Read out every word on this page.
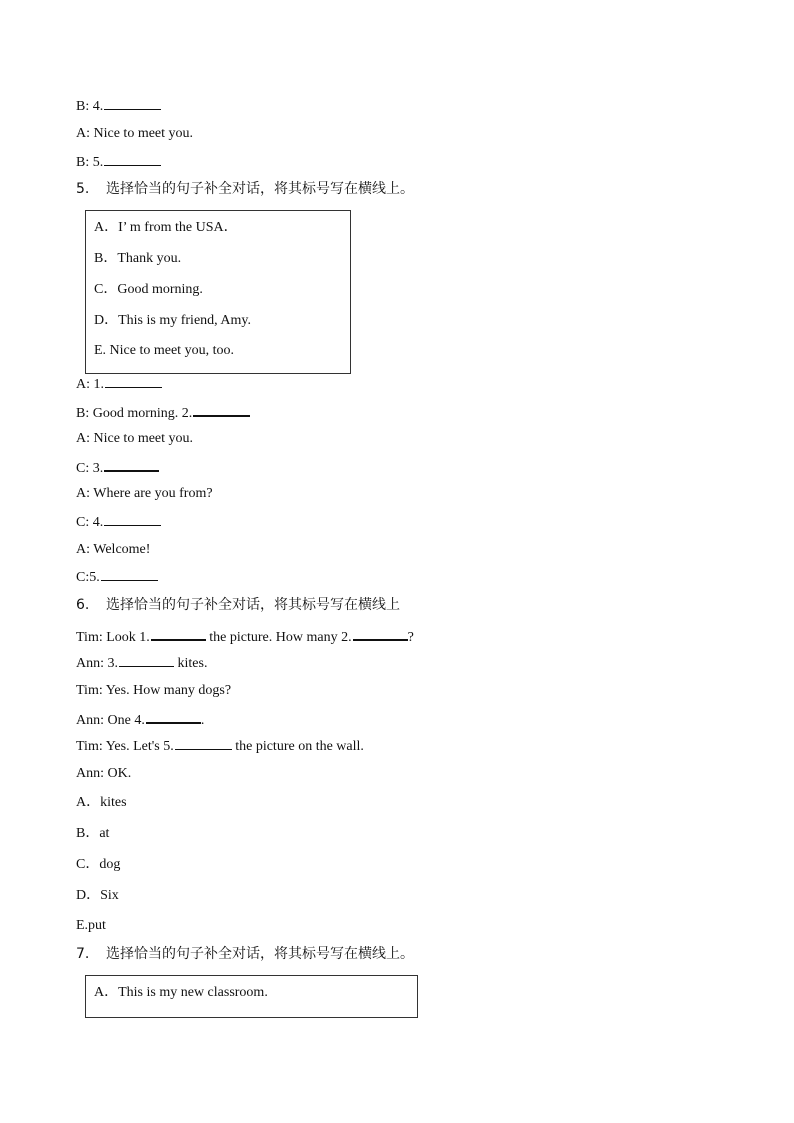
B: 4.
A: Nice to meet you.
B: 5.
5. 选择恰当的句子补全对话，将其标号写在横线上。
A．I’ m from the USA．
B．Thank you.
C．Good morning.
D．This is my friend, Amy.
E. Nice to meet you, too.
A: 1.
B: Good morning. 2.
A: Nice to meet you.
C: 3.
A: Where are you from?
C: 4.
A: Welcome!
C:5.
6. 选择恰当的句子补全对话，将其标号写在横线上
Tim: Look 1.	the picture. How many 2.	?
Ann: 3.	kites.
Tim: Yes. How many dogs?
Ann: One 4.	.
Tim: Yes. Let's 5.	the picture on the wall.
Ann: OK.
A．kites
B．at
C．dog
D．Six
E.put
7. 选择恰当的句子补全对话，将其标号写在横线上。
A．This is my new classroom.
